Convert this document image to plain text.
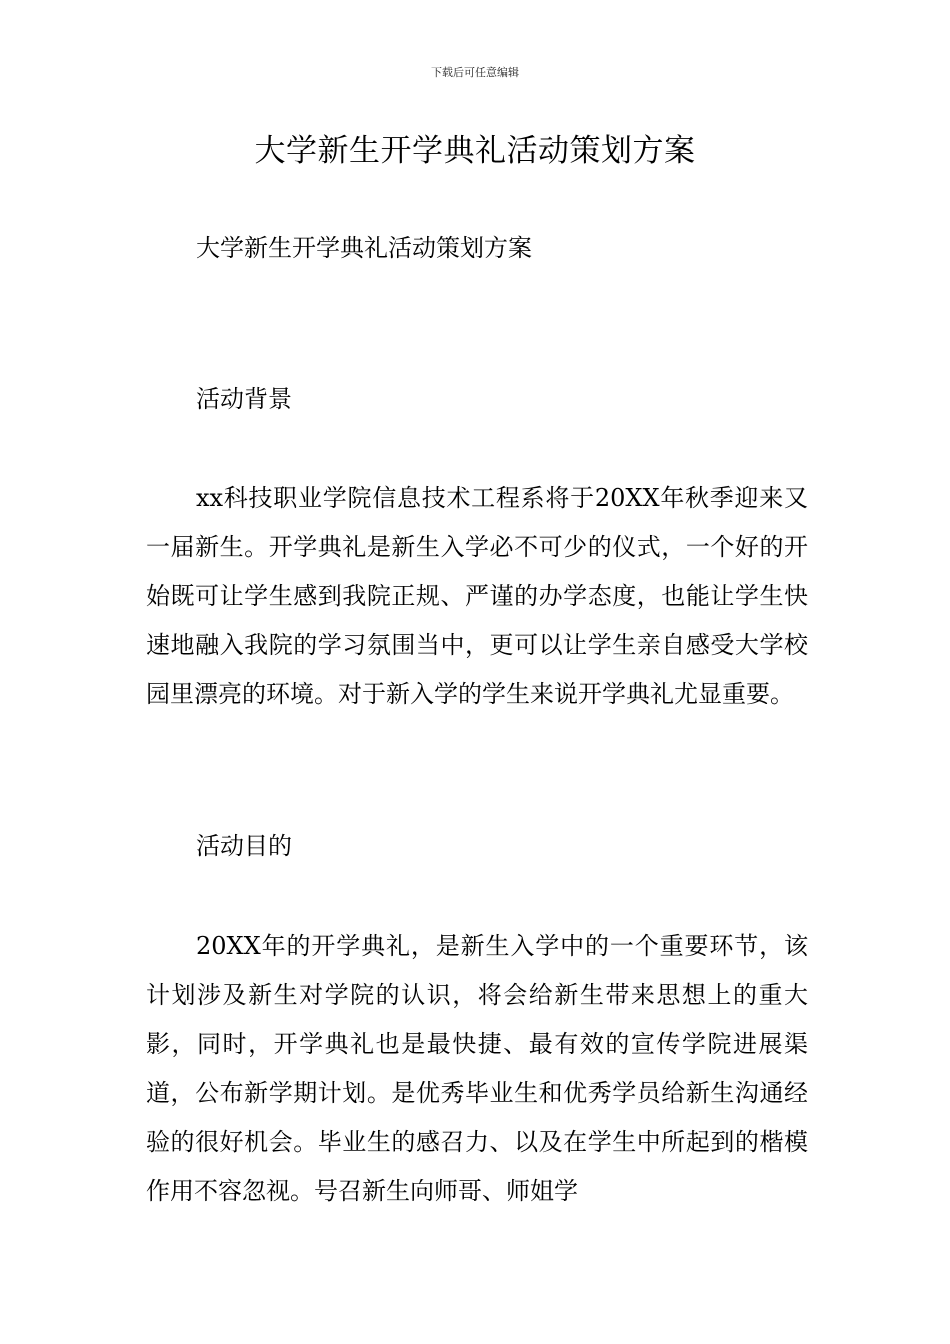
下载后可任意编辑
大学新生开学典礼活动策划方案
大学新生开学典礼活动策划方案
活动背景
xx科技职业学院信息技术工程系将于20XX年秋季迎来又一届新生。开学典礼是新生入学必不可少的仪式，一个好的开始既可让学生感到我院正规、严谨的办学态度，也能让学生快速地融入我院的学习氛围当中，更可以让学生亲自感受大学校园里漂亮的环境。对于新入学的学生来说开学典礼尤显重要。
活动目的
20XX年的开学典礼，是新生入学中的一个重要环节，该计划涉及新生对学院的认识，将会给新生带来思想上的重大影，同时，开学典礼也是最快捷、最有效的宣传学院进展渠道，公布新学期计划。是优秀毕业生和优秀学员给新生沟通经验的很好机会。毕业生的感召力、以及在学生中所起到的楷模作用不容忽视。号召新生向师哥、师姐学
